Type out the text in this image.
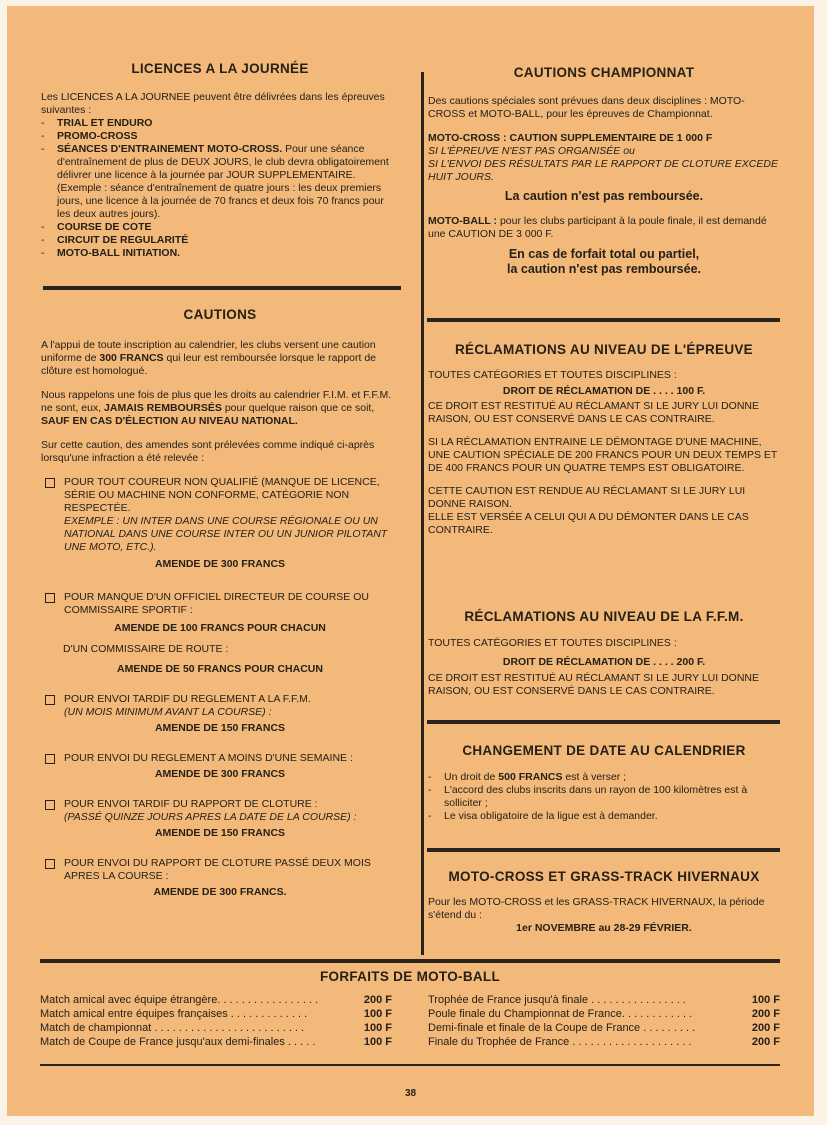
LICENCES A LA JOURNÉE

Les LICENCES A LA JOURNEE peuvent être délivrées dans les épreuves suivantes :

-	TRIAL ET ENDURO
-	PROMO-CROSS
-	SÉANCES D'ENTRAINEMENT MOTO-CROSS. Pour une séance d'entraînement de plus de DEUX JOURS, le club devra obligatoirement délivrer une licence à la journée par JOUR SUPPLEMENTAIRE. (Exemple : séance d'entraînement de quatre jours : les deux premiers jours, une licence à la journée de 70 francs et deux fois 70 francs pour les deux autres jours).
-	COURSE DE COTE
-	CIRCUIT DE REGULARITÉ
-	MOTO-BALL INITIATION.

CAUTIONS

A l'appui de toute inscription au calendrier, les clubs versent une caution uniforme de 300 FRANCS qui leur est remboursée lorsque le rapport de clôture est homologué.

Nous rappelons une fois de plus que les droits au calendrier F.I.M. et F.F.M. ne sont, eux, JAMAIS REMBOURSÉS pour quelque raison que ce soit, SAUF EN CAS D'ÉLECTION AU NIVEAU NATIONAL.

Sur cette caution, des amendes sont prélevées comme indiqué ci-après lorsqu'une infraction a été relevée :

POUR TOUT COUREUR NON QUALIFIÉ (MANQUE DE LICENCE, SÉRIE OU MACHINE NON CONFORME, CATÉGORIE NON RESPECTÉE.

EXEMPLE : UN INTER DANS UNE COURSE RÉGIONALE OU UN NATIONAL DANS UNE COURSE INTER OU UN JUNIOR PILOTANT UNE MOTO, ETC.).

AMENDE DE 300 FRANCS

POUR MANQUE D'UN OFFICIEL DIRECTEUR DE COURSE OU COMMISSAIRE SPORTIF :

AMENDE DE 100 FRANCS POUR CHACUN

D'UN COMMISSAIRE DE ROUTE :

AMENDE DE 50 FRANCS POUR CHACUN

POUR ENVOI TARDIF DU REGLEMENT A LA F.F.M.

(UN MOIS MINIMUM AVANT LA COURSE) :

AMENDE DE 150 FRANCS

POUR ENVOI DU REGLEMENT A MOINS D'UNE SEMAINE :

AMENDE DE 300 FRANCS

POUR ENVOI TARDIF DU RAPPORT DE CLOTURE :

(PASSÉ QUINZE JOURS APRES LA DATE DE LA COURSE) :

AMENDE DE 150 FRANCS

POUR ENVOI DU RAPPORT DE CLOTURE PASSÉ DEUX MOIS APRES LA COURSE :

AMENDE DE 300 FRANCS.

CAUTIONS CHAMPIONNAT

Des cautions spéciales sont prévues dans deux disciplines : MOTO-CROSS et MOTO-BALL, pour les épreuves de Championnat.

MOTO-CROSS : CAUTION SUPPLEMENTAIRE DE 1 000 F

SI L'ÉPREUVE N'EST PAS ORGANISÉE ou

SI L'ENVOI DES RÉSULTATS PAR LE RAPPORT DE CLOTURE EXCEDE HUIT JOURS.

La caution n'est pas remboursée.

MOTO-BALL : pour les clubs participant à la poule finale, il est demandé une CAUTION DE 3 000 F.

En cas de forfait total ou partiel,

la caution n'est pas remboursée.

RÉCLAMATIONS AU NIVEAU DE L'ÉPREUVE

TOUTES CATÉGORIES ET TOUTES DISCIPLINES :

DROIT DE RÉCLAMATION DE . . . . 100 F.

CE DROIT EST RESTITUÉ AU RÉCLAMANT SI LE JURY LUI DONNE RAISON, OU EST CONSERVÉ DANS LE CAS CONTRAIRE.

SI LA RÉCLAMATION ENTRAINE LE DÉMONTAGE D'UNE MACHINE, UNE CAUTION SPÉCIALE DE 200 FRANCS POUR UN DEUX TEMPS ET DE 400 FRANCS POUR UN QUATRE TEMPS EST OBLIGATOIRE.

CETTE CAUTION EST RENDUE AU RÉCLAMANT SI LE JURY LUI DONNE RAISON.

ELLE EST VERSÉE A CELUI QUI A DU DÉMONTER DANS LE CAS CONTRAIRE.

RÉCLAMATIONS AU NIVEAU DE LA F.F.M.

TOUTES CATÉGORIES ET TOUTES DISCIPLINES :

DROIT DE RÉCLAMATION DE . . . . 200 F.

CE DROIT EST RESTITUÉ AU RÉCLAMANT SI LE JURY LUI DONNE RAISON, OU EST CONSERVÉ DANS LE CAS CONTRAIRE.

CHANGEMENT DE DATE AU CALENDRIER

-	Un droit de 500 FRANCS est à verser ;
-	L'accord des clubs inscrits dans un rayon de 100 kilomètres est à solliciter ;
-	Le visa obligatoire de la ligue est à demander.

MOTO-CROSS ET GRASS-TRACK HIVERNAUX

Pour les MOTO-CROSS et les GRASS-TRACK HIVERNAUX, la période s'étend du :

1er NOVEMBRE au 28-29 FÉVRIER.

FORFAITS DE MOTO-BALL

Match amical avec équipe étrangère. . . . . . . . . . . . . . . . .	200 F
Match amical entre équipes françaises . . . . . . . . . . . . .	100 F
Match de championnat . . . . . . . . . . . . . . . . . . . . . . . . .	100 F
Match de Coupe de France jusqu'aux demi-finales . . . . .	100 F
Trophée de France jusqu'à finale . . . . . . . . . . . . . . . .	100 F
Poule finale du Championnat de France. . . . . . . . . . . .	200 F
Demi-finale et finale de la Coupe de France . . . . . . . . .	200 F
Finale du Trophée de France . . . . . . . . . . . . . . . . . . . .	200 F
38
